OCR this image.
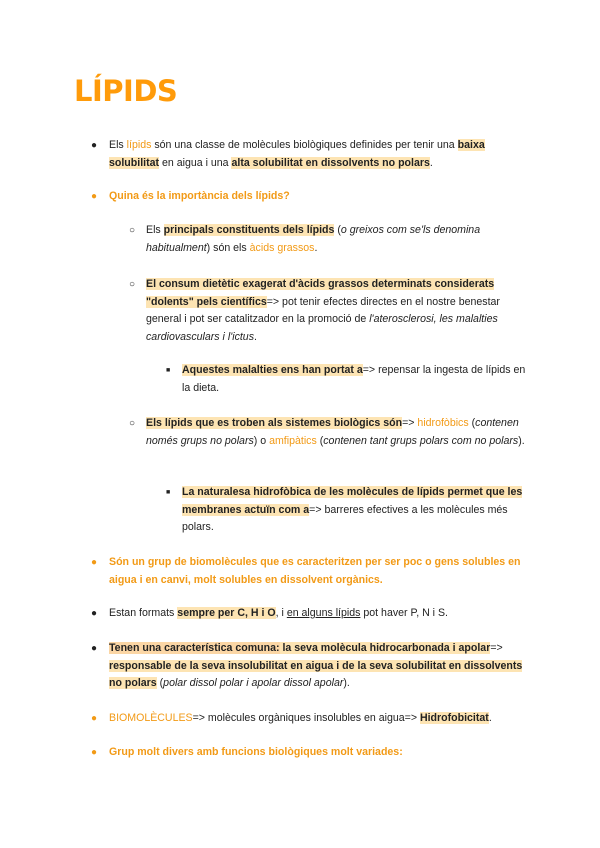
LÍPIDS
● Els lípids són una classe de molècules biològiques definides per tenir una baixa solubilitat en aigua i una alta solubilitat en dissolvents no polars.
● Quina és la importància dels lípids?
○ Els principals constituents dels lípids (o greixos com se'ls denomina habitualment) són els àcids grassos.
○ El consum dietètic exagerat d'àcids grassos determinats considerats "dolents" pels científics=> pot tenir efectes directes en el nostre benestar general i pot ser catalitzador en la promoció de l'aterosclerosi, les malalties cardiovasculars i l'ictus.
■ Aquestes malalties ens han portat a=> repensar la ingesta de lípids en la dieta.
○ Els lípids que es troben als sistemes biològics són=> hidrofòbics (contenen només grups no polars) o amfipàtics (contenen tant grups polars com no polars).
■ La naturalesa hidrofòbica de les molècules de lípids permet que les membranes actuïn com a=> barreres efectives a les molècules més polars.
● Són un grup de biomolècules que es caracteritzen per ser poc o gens solubles en aigua i en canvi, molt solubles en dissolvent orgànics.
● Estan formats sempre per C, H i O, i en alguns lípids pot haver P, N i S.
● Tenen una característica comuna: la seva molècula hidrocarbonada i apolar=> responsable de la seva insolubilitat en aigua i de la seva solubilitat en dissolvents no polars (polar dissol polar i apolar dissol apolar).
● BIOMOLÈCULES=> molècules orgàniques insolubles en aigua=> Hidrofobicitat.
● Grup molt divers amb funcions biològiques molt variades:
